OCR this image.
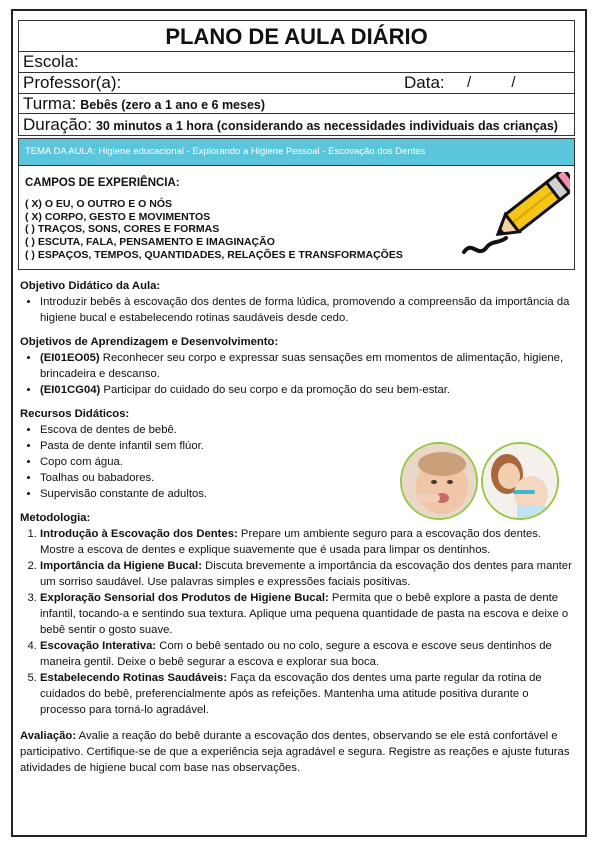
PLANO DE AULA DIÁRIO
Escola:
Professor(a):	Data: / /
Turma: Bebês (zero a 1 ano e 6 meses)
Duração: 30 minutos a 1 hora (considerando as necessidades individuais das crianças)
TEMA DA AULA: Higiene educacional - Explorando a Higiene Pessoal - Escovação dos Dentes
CAMPOS DE EXPERIÊNCIA:
( X) O EU, O OUTRO E O NÓS
( X) CORPO, GESTO E MOVIMENTOS
( ) TRAÇOS, SONS, CORES E FORMAS
( ) ESCUTA, FALA, PENSAMENTO E IMAGINAÇÃO
( ) ESPAÇOS, TEMPOS, QUANTIDADES, RELAÇÕES E TRANSFORMAÇÕES

Objetivo Didático da Aula:

• Introduzir bebês à escovação dos dentes de forma lúdica, promovendo a compreensão da importância da higiene bucal e estabelecendo rotinas saudáveis desde cedo.

Objetivos de Aprendizagem e Desenvolvimento:

• (EI01EO05) Reconhecer seu corpo e expressar suas sensações em momentos de alimentação, higiene, brincadeira e descanso.
• (EI01CG04) Participar do cuidado do seu corpo e da promoção do seu bem-estar.

Recursos Didáticos:

• Escova de dentes de bebê.
• Pasta de dente infantil sem flúor.
• Copo com água.
• Toalhas ou babadores.
• Supervisão constante de adultos.

Metodologia:

1. Introdução à Escovação dos Dentes: Prepare um ambiente seguro para a escovação dos dentes. Mostre a escova de dentes e explique suavemente que é usada para limpar os dentinhos.
2. Importância da Higiene Bucal: Discuta brevemente a importância da escovação dos dentes para manter um sorriso saudável. Use palavras simples e expressões faciais positivas.
3. Exploração Sensorial dos Produtos de Higiene Bucal: Permita que o bebê explore a pasta de dente infantil, tocando-a e sentindo sua textura. Aplique uma pequena quantidade de pasta na escova e deixe o bebê sentir o gosto suave.
4. Escovação Interativa: Com o bebê sentado ou no colo, segure a escova e escove seus dentinhos de maneira gentil. Deixe o bebê segurar a escova e explorar sua boca.
5. Estabelecendo Rotinas Saudáveis: Faça da escovação dos dentes uma parte regular da rotina de cuidados do bebê, preferencialmente após as refeições. Mantenha uma atitude positiva durante o processo para torná-lo agradável.

Avaliação: Avalie a reação do bebê durante a escovação dos dentes, observando se ele está confortável e participativo. Certifique-se de que a experiência seja agradável e segura. Registre as reações e ajuste futuras atividades de higiene bucal com base nas observações.
